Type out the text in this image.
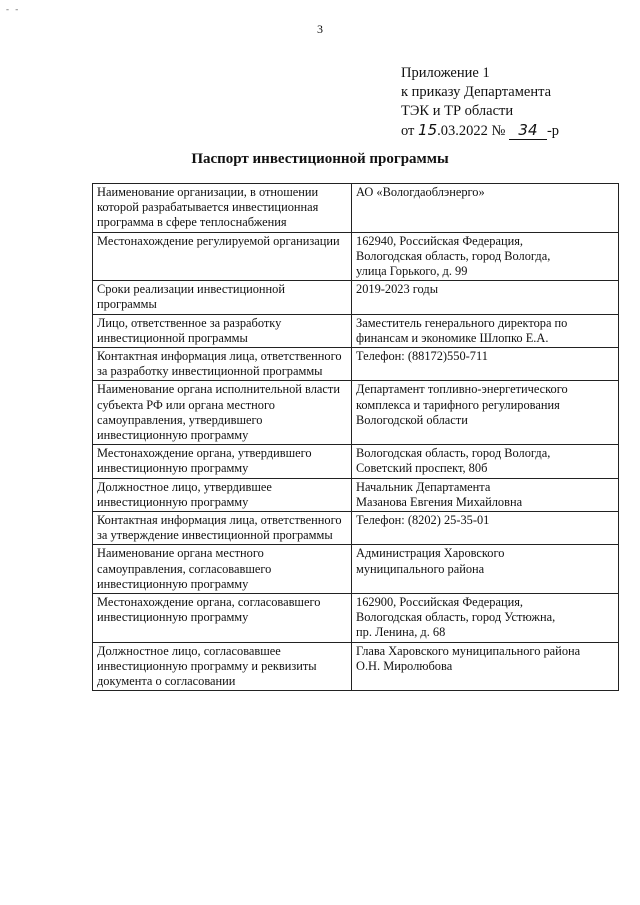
- -
3
Приложение 1
к приказу Департамента
ТЭК и ТР области
от 15.03.2022 № 34 -р
Паспорт инвестиционной программы
Наименование организации, в отношении которой разрабатывается инвестиционная программа в сфере теплоснабжения	АО «Вологдаоблэнерго»

Местонахождение регулируемой организации	162940, Российская Федерация,
Вологодская область, город Вологда,
улица Горького, д. 99

Сроки реализации инвестиционной программы	2019-2023 годы

Лицо, ответственное за разработку инвестиционной программы	Заместитель генерального директора по
финансам и экономике Шлопко Е.А.

Контактная информация лица, ответственного за разработку инвестиционной программы	Телефон: (88172)550-711

Наименование органа исполнительной власти субъекта РФ или органа местного самоуправления, утвердившего инвестиционную программу	Департамент топливно-энергетического
комплекса и тарифного регулирования
Вологодской области

Местонахождение органа, утвердившего инвестиционную программу	Вологодская область, город Вологда,
Советский проспект, 80б

Должностное лицо, утвердившее инвестиционную программу	Начальник Департамента
Мазанова Евгения Михайловна

Контактная информация лица, ответственного за утверждение инвестиционной программы	Телефон: (8202) 25-35-01

Наименование органа местного самоуправления, согласовавшего инвестиционную программу	Администрация Харовского
муниципального района

Местонахождение органа, согласовавшего инвестиционную программу	162900, Российская Федерация,
Вологодская область, город Устюжна,
пр. Ленина, д. 68

Должностное лицо, согласовавшее инвестиционную программу и реквизиты документа о согласовании	Глава Харовского муниципального района
О.Н. Миролюбова
